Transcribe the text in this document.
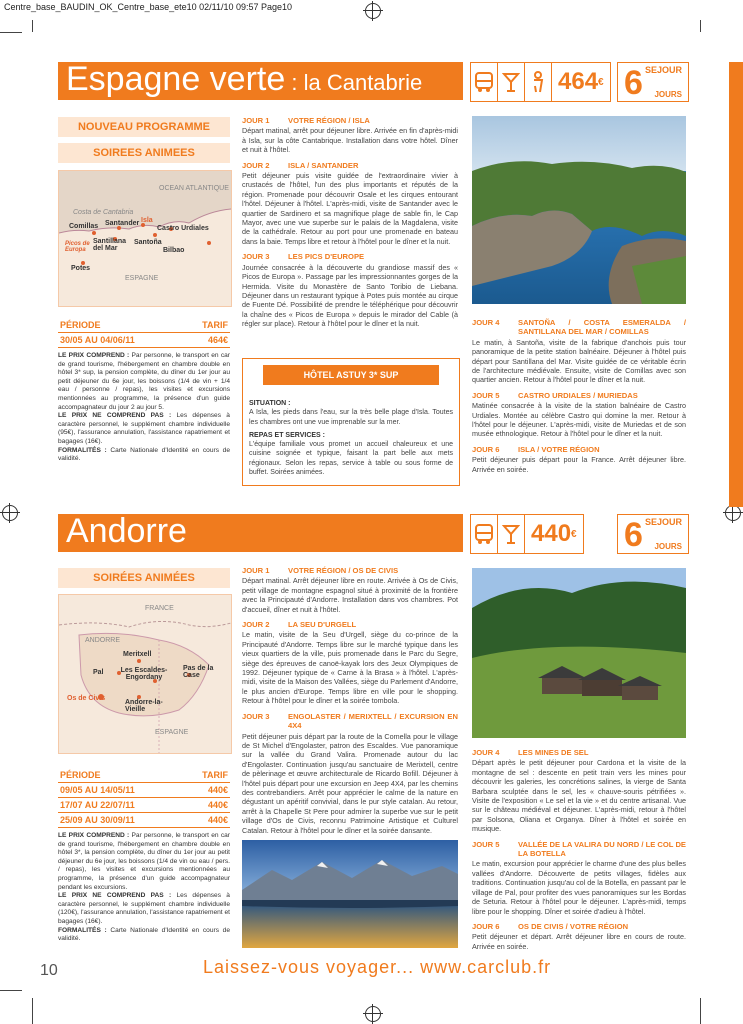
Centre_base_BAUDIN_OK_Centre_base_ete10 02/11/10 09:57 Page10
Espagne verte : la Cantabrie	464 € 6 SEJOUR
JOURS
NOUVEAU PROGRAMME
SOIREES ANIMEES
OCEAN ATLANTIQUE
Costa de Cantabria
Comillas Santander Isla
Castro Urdiales
Picos de Europa
Santillana del Mar
Santoña
Bilbao
Potes
ESPAGNE
PÉRIODE	TARIF
30/05 AU 04/06/11	464€
LE PRIX COMPREND : Par personne, le transport en car de grand tourisme, l'hébergement en chambre double en hôtel 3* sup, la pension complète, du dîner du 1er jour au petit déjeuner du 6e jour, les boissons (1/4 de vin + 1/4 eau / personne / repas), les visites et excursions mentionnées au programme, la présence d'un guide accompagnateur du jour 2 au jour 5.
LE PRIX NE COMPREND PAS : Les dépenses à caractère personnel, le supplément chambre individuelle (95€), l'assurance annulation, l'assistance rapatriement et bagages (16€).
FORMALITÉS : Carte Nationale d'Identité en cours de validité.
JOUR 1	VOTRE RÉGION / ISLA
Départ matinal, arrêt pour déjeuner libre. Arrivée en fin d'après-midi à Isla, sur la côte Cantabrique. Installation dans votre hôtel. Dîner et nuit à l'hôtel.
JOUR 2	ISLA / SANTANDER
Petit déjeuner puis visite guidée de l'extraordinaire vivier à crustacés de l'hôtel, l'un des plus importants et réputés de la région. Promenade pour découvrir Osale et les cirques entourant l'hôtel. Déjeuner à l'hôtel. L'après-midi, visite de Santander avec le quartier de Sardinero et sa magnifique plage de sable fin, le Cap Mayor, avec une vue superbe sur le palais de la Magdalena, visite de la cathédrale. Retour au port pour une promenade en bateau dans la baie. Temps libre et retour à l'hôtel pour le dîner et la nuit.
JOUR 3	LES PICS D'EUROPE
Journée consacrée à la découverte du grandiose massif des « Picos de Europa ». Passage par les impressionnantes gorges de la Hermida. Visite du Monastère de Santo Toribio de Liebana. Déjeuner dans un restaurant typique à Potes puis montée au cirque de Fuente Dé. Possibilité de prendre le téléphérique pour découvrir la chaîne des « Picos de Europa » depuis le mirador del Cable (à régler sur place). Retour à l'hôtel pour le dîner et la nuit.
HÔTEL ASTUY 3* SUP
SITUATION :
A Isla, les pieds dans l'eau, sur la très belle plage d'Isla. Toutes les chambres ont une vue imprenable sur la mer.
REPAS ET SERVICES :
L'équipe familiale vous promet un accueil chaleureux et une cuisine soignée et typique, faisant la part belle aux mets régionaux. Selon les repas, service à table ou sous forme de buffet. Soirées animées.
JOUR 4	SANTOÑA / COSTA ESMERALDA / SANTILLANA DEL MAR / COMILLAS
Le matin, à Santoña, visite de la fabrique d'anchois puis tour panoramique de la petite station balnéaire. Déjeuner à l'hôtel puis départ pour Santillana del Mar. Visite guidée de ce véritable écrin de l'architecture médiévale. Ensuite, visite de Comillas avec son quartier ancien. Retour à l'hôtel pour le dîner et la nuit.
JOUR 5	CASTRO URDIALES / MURIEDAS
Matinée consacrée à la visite de la station balnéaire de Castro Urdiales. Montée au célèbre Castro qui domine la mer. Retour à l'hôtel pour le déjeuner. L'après-midi, visite de Muriedas et de son musée ethnologique. Retour à l'hôtel pour le dîner et la nuit.
JOUR 6	ISLA / VOTRE RÉGION
Petit déjeuner puis départ pour la France. Arrêt déjeuner libre. Arrivée en soirée.
Andorre	440 € 6 SEJOUR
JOURS
SOIRÉES ANIMÉES
FRANCE
ANDORRE
Meritxell
Pal Les Escaldes-Engordany
Pas de la Case
Os de Civis
Andorre-la-Vieille
ESPAGNE
PÉRIODE	TARIF
09/05 AU 14/05/11	440€
17/07 AU 22/07/11	440€
25/09 AU 30/09/11	440€
LE PRIX COMPREND : Par personne, le transport en car de grand tourisme, l'hébergement en chambre double en hôtel 3*, la pension complète, du dîner du 1er jour au petit déjeuner du 6e jour, les boissons (1/4 de vin ou eau / pers. / repas), les visites et excursions mentionnées au programme, la présence d'un guide accompagnateur pendant les excursions.
LE PRIX NE COMPREND PAS : Les dépenses à caractère personnel, le supplément chambre individuelle (120€), l'assurance annulation, l'assistance rapatriement et bagages (16€).
FORMALITÉS : Carte Nationale d'Identité en cours de validité.
JOUR 1	VOTRE RÉGION / OS DE CIVIS
Départ matinal. Arrêt déjeuner libre en route. Arrivée à Os de Civis, petit village de montagne espagnol situé à proximité de la frontière avec la Principauté d'Andorre. Installation dans vos chambres. Pot d'accueil, dîner et nuit à l'hôtel.
JOUR 2	LA SEU D'URGELL
Le matin, visite de la Seu d'Urgell, siège du co-prince de la Principauté d'Andorre. Temps libre sur le marché typique dans les vieux quartiers de la ville, puis promenade dans le Parc du Segre, siège des épreuves de canoë-kayak lors des Jeux Olympiques de 1992. Déjeuner typique de « Carne à la Brasa » à l'hôtel. L'après-midi, visite de la Maison des Vallées, siège du Parlement d'Andorre, le plus ancien d'Europe. Temps libre en ville pour le shopping. Retour à l'hôtel pour le dîner et la soirée tombola.
JOUR 3	ENGOLASTER / MERIXTELL / EXCURSION EN 4X4
Petit déjeuner puis départ par la route de la Comella pour le village de St Michel d'Engolaster, patron des Escaldes. Vue panoramique sur la vallée du Grand Valira. Promenade autour du lac d'Engolaster. Continuation jusqu'au sanctuaire de Merixtell, centre de pèlerinage et œuvre architecturale de Ricardo Bofill. Déjeuner à l'hôtel puis départ pour une excursion en Jeep 4X4, par les chemins des contrebandiers. Arrêt pour apprécier le calme de la nature en dégustant un apéritif convivial, dans le pur style catalan. Au retour, arrêt à la Chapelle St Pere pour admirer la superbe vue sur le petit village d'Os de Civis, reconnu Patrimoine Artistique et Culturel Catalan. Retour à l'hôtel pour le dîner et la soirée dansante.
JOUR 4	LES MINES DE SEL
Départ après le petit déjeuner pour Cardona et la visite de la montagne de sel : descente en petit train vers les mines pour découvrir les galeries, les concrétions salines, la vierge de Santa Barbara sculptée dans le sel, les « chauve-souris pétrifiées ». Visite de l'exposition « Le sel et la vie » et du centre artisanal. Vue sur le château médiéval et déjeuner. L'après-midi, retour à l'hôtel par Solsona, Oliana et Organya. Dîner à l'hôtel et soirée en musique.
JOUR 5	VALLÉE DE LA VALIRA DU NORD / LE COL DE LA BOTELLA
Le matin, excursion pour apprécier le charme d'une des plus belles vallées d'Andorre. Découverte de petits villages, fidèles aux traditions. Continuation jusqu'au col de la Botella, en passant par le village de Pal, pour profiter des vues panoramiques sur les Bordas de Seturia. Retour à l'hôtel pour le déjeuner. L'après-midi, temps libre pour le shopping. Dîner et soirée d'adieu à l'hôtel.
JOUR 6	OS DE CIVIS / VOTRE RÉGION
Petit déjeuner et départ. Arrêt déjeuner libre en cours de route. Arrivée en soirée.
10	Laissez-vous voyager... www.carclub.fr
